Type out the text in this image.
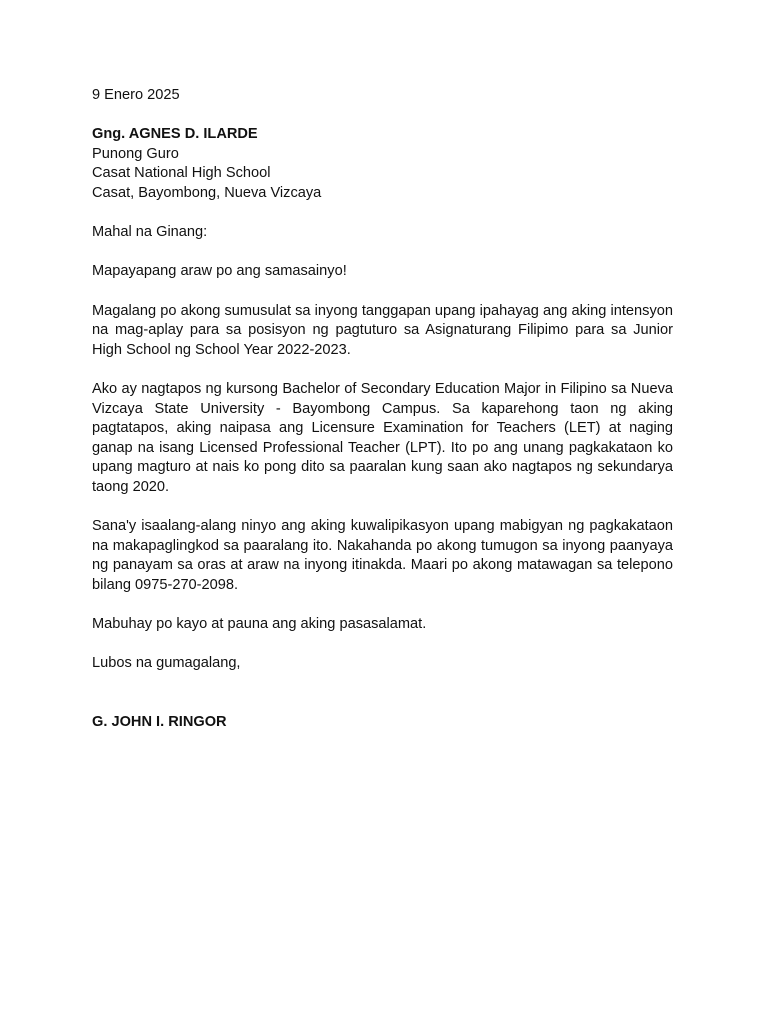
9 Enero 2025

Gng. AGNES D. ILARDE
Punong Guro
Casat National High School
Casat, Bayombong, Nueva Vizcaya

Mahal na Ginang:

Mapayapang araw po ang samasainyo!

Magalang po akong sumusulat sa inyong tanggapan upang ipahayag ang aking intensyon na mag-aplay para sa posisyon ng pagtuturo sa Asignaturang Filipimo para sa Junior High School ng School Year 2022-2023.

Ako ay nagtapos ng kursong Bachelor of Secondary Education Major in Filipino sa Nueva Vizcaya State University - Bayombong Campus. Sa kaparehong taon ng aking pagtatapos, aking naipasa ang Licensure Examination for Teachers (LET) at naging ganap na isang Licensed Professional Teacher (LPT). Ito po ang unang pagkakataon ko upang magturo at nais ko pong dito sa paaralan kung saan ako nagtapos ng sekundarya taong 2020.

Sana'y isaalang-alang ninyo ang aking kuwalipikasyon upang mabigyan ng pagkakataon na makapaglingkod sa paaralang ito. Nakahanda po akong tumugon sa inyong paanyaya ng panayam sa oras at araw na inyong itinakda. Maari po akong matawagan sa telepono bilang 0975-270-2098.

Mabuhay po kayo at pauna ang aking pasasalamat.

Lubos na gumagalang,

G. JOHN I. RINGOR
